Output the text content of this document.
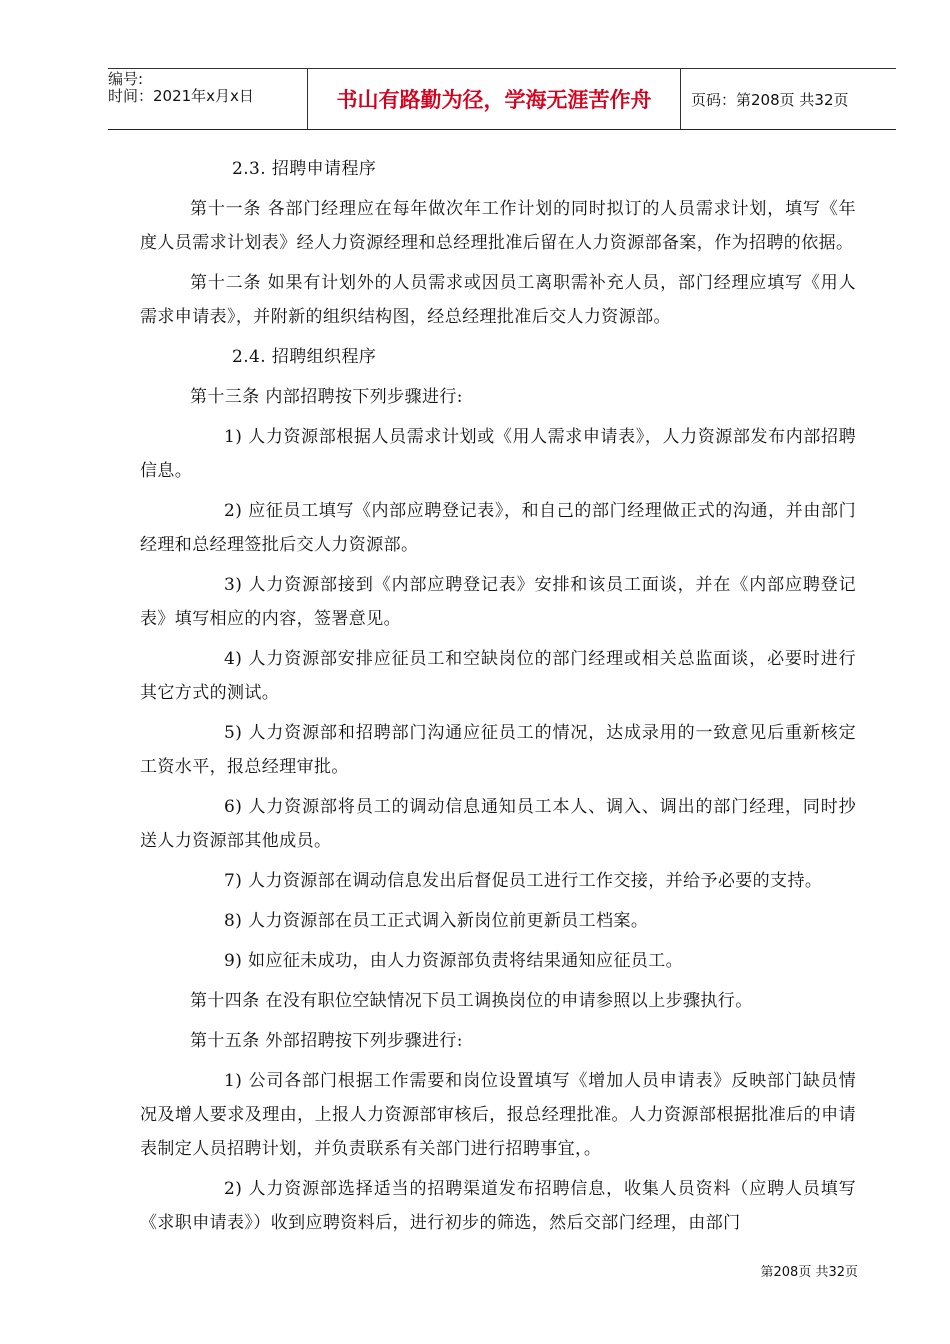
编号:
时间：2021年x月x日	书山有路勤为径，学海无涯苦作舟	页码：第208页 共32页

2.3. 招聘申请程序

第十一条 各部门经理应在每年做次年工作计划的同时拟订的人员需求计划，填写《年度人员需求计划表》经人力资源经理和总经理批准后留在人力资源部备案，作为招聘的依据。

第十二条 如果有计划外的人员需求或因员工离职需补充人员，部门经理应填写《用人需求申请表》，并附新的组织结构图，经总经理批准后交人力资源部。

2.4. 招聘组织程序

第十三条 内部招聘按下列步骤进行:

1) 人力资源部根据人员需求计划或《用人需求申请表》，人力资源部发布内部招聘信息。

2) 应征员工填写《内部应聘登记表》，和自己的部门经理做正式的沟通，并由部门经理和总经理签批后交人力资源部。

3) 人力资源部接到《内部应聘登记表》安排和该员工面谈，并在《内部应聘登记表》填写相应的内容，签署意见。

4) 人力资源部安排应征员工和空缺岗位的部门经理或相关总监面谈，必要时进行其它方式的测试。

5) 人力资源部和招聘部门沟通应征员工的情况，达成录用的一致意见后重新核定工资水平，报总经理审批。

6) 人力资源部将员工的调动信息通知员工本人、调入、调出的部门经理，同时抄送人力资源部其他成员。

7) 人力资源部在调动信息发出后督促员工进行工作交接，并给予必要的支持。

8) 人力资源部在员工正式调入新岗位前更新员工档案。

9) 如应征未成功，由人力资源部负责将结果通知应征员工。

第十四条 在没有职位空缺情况下员工调换岗位的申请参照以上步骤执行。

第十五条 外部招聘按下列步骤进行:

1) 公司各部门根据工作需要和岗位设置填写《增加人员申请表》反映部门缺员情况及增人要求及理由，上报人力资源部审核后，报总经理批准。人力资源部根据批准后的申请表制定人员招聘计划，并负责联系有关部门进行招聘事宜，。

2) 人力资源部选择适当的招聘渠道发布招聘信息，收集人员资料（应聘人员填写《求职申请表》）收到应聘资料后，进行初步的筛选，然后交部门经理，由部门

第208页 共32页
